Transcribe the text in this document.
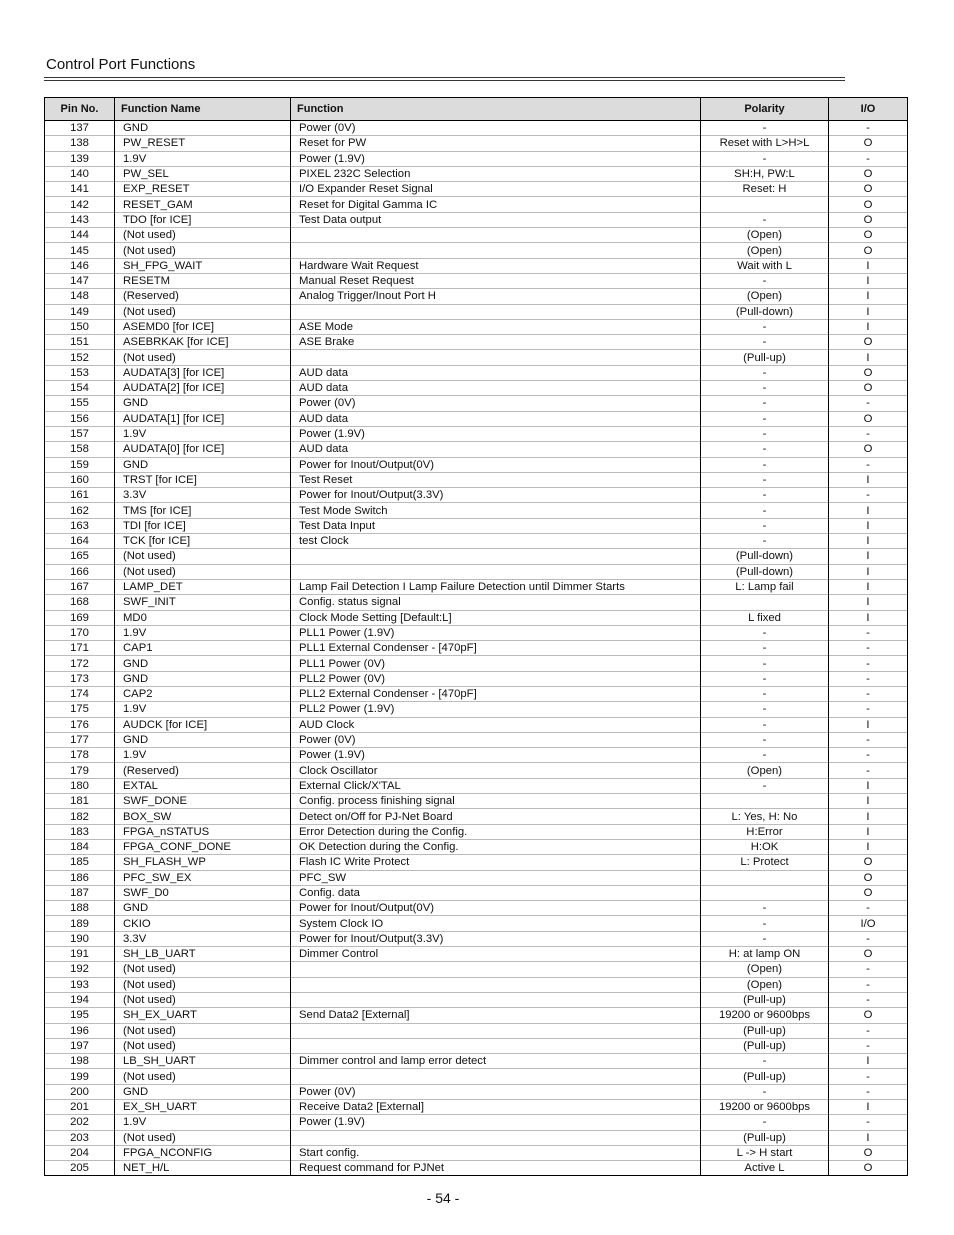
Control Port Functions
Pin No.	Function Name	Function	Polarity	I/O
137	GND	Power (0V)	-	-
138	PW_RESET	Reset for PW	Reset with L>H>L	O
139	1.9V	Power (1.9V)	-	-
140	PW_SEL	PIXEL 232C Selection	SH:H, PW:L	O
141	EXP_RESET	I/O Expander Reset Signal	Reset: H	O
142	RESET_GAM	Reset for Digital Gamma IC		O
143	TDO [for ICE]	Test Data output	-	O
144	(Not used)		(Open)	O
145	(Not used)		(Open)	O
146	SH_FPG_WAIT	Hardware Wait Request	Wait with L	I
147	RESETM	Manual Reset Request	-	I
148	(Reserved)	Analog Trigger/Inout Port H	(Open)	I
149	(Not used)		(Pull-down)	I
150	ASEMD0 [for ICE]	ASE Mode	-	I
151	ASEBRKAK [for ICE]	ASE Brake	-	O
152	(Not used)		(Pull-up)	I
153	AUDATA[3] [for ICE]	AUD data	-	O
154	AUDATA[2] [for ICE]	AUD data	-	O
155	GND	Power (0V)	-	-
156	AUDATA[1] [for ICE]	AUD data	-	O
157	1.9V	Power (1.9V)	-	-
158	AUDATA[0] [for ICE]	AUD data	-	O
159	GND	Power for Inout/Output(0V)	-	-
160	TRST [for ICE]	Test Reset	-	I
161	3.3V	Power for Inout/Output(3.3V)	-	-
162	TMS [for ICE]	Test Mode Switch	-	I
163	TDI [for ICE]	Test Data Input	-	I
164	TCK [for ICE]	test Clock	-	I
165	(Not used)		(Pull-down)	I
166	(Not used)		(Pull-down)	I
167	LAMP_DET	Lamp Fail Detection I Lamp Failure Detection until Dimmer Starts	L: Lamp fail	I
168	SWF_INIT	Config. status signal		I
169	MD0	Clock Mode Setting [Default:L]	L fixed	I
170	1.9V	PLL1 Power (1.9V)	-	-
171	CAP1	PLL1 External Condenser - [470pF]	-	-
172	GND	PLL1 Power (0V)	-	-
173	GND	PLL2 Power (0V)	-	-
174	CAP2	PLL2 External Condenser - [470pF]	-	-
175	1.9V	PLL2 Power (1.9V)	-	-
176	AUDCK [for ICE]	AUD Clock	-	I
177	GND	Power (0V)	-	-
178	1.9V	Power (1.9V)	-	-
179	(Reserved)	Clock Oscillator	(Open)	-
180	EXTAL	External Click/X'TAL	-	I
181	SWF_DONE	Config. process finishing signal		I
182	BOX_SW	Detect on/Off for PJ-Net Board	L: Yes, H: No	I
183	FPGA_nSTATUS	Error Detection during the Config.	H:Error	I
184	FPGA_CONF_DONE	OK Detection during the Config.	H:OK	I
185	SH_FLASH_WP	Flash IC Write Protect	L: Protect	O
186	PFC_SW_EX	PFC_SW		O
187	SWF_D0	Config. data		O
188	GND	Power for Inout/Output(0V)	-	-
189	CKIO	System Clock IO	-	I/O
190	3.3V	Power for Inout/Output(3.3V)	-	-
191	SH_LB_UART	Dimmer Control	H: at lamp ON	O
192	(Not used)		(Open)	-
193	(Not used)		(Open)	-
194	(Not used)		(Pull-up)	-
195	SH_EX_UART	Send Data2 [External]	19200 or 9600bps	O
196	(Not used)		(Pull-up)	-
197	(Not used)		(Pull-up)	-
198	LB_SH_UART	Dimmer control and lamp error detect	-	I
199	(Not used)		(Pull-up)	-
200	GND	Power (0V)	-	-
201	EX_SH_UART	Receive Data2 [External]	19200 or 9600bps	I
202	1.9V	Power (1.9V)	-	-
203	(Not used)		(Pull-up)	I
204	FPGA_NCONFIG	Start config.	L -> H start	O
205	NET_H/L	Request command for PJNet	Active L	O
- 54 -
